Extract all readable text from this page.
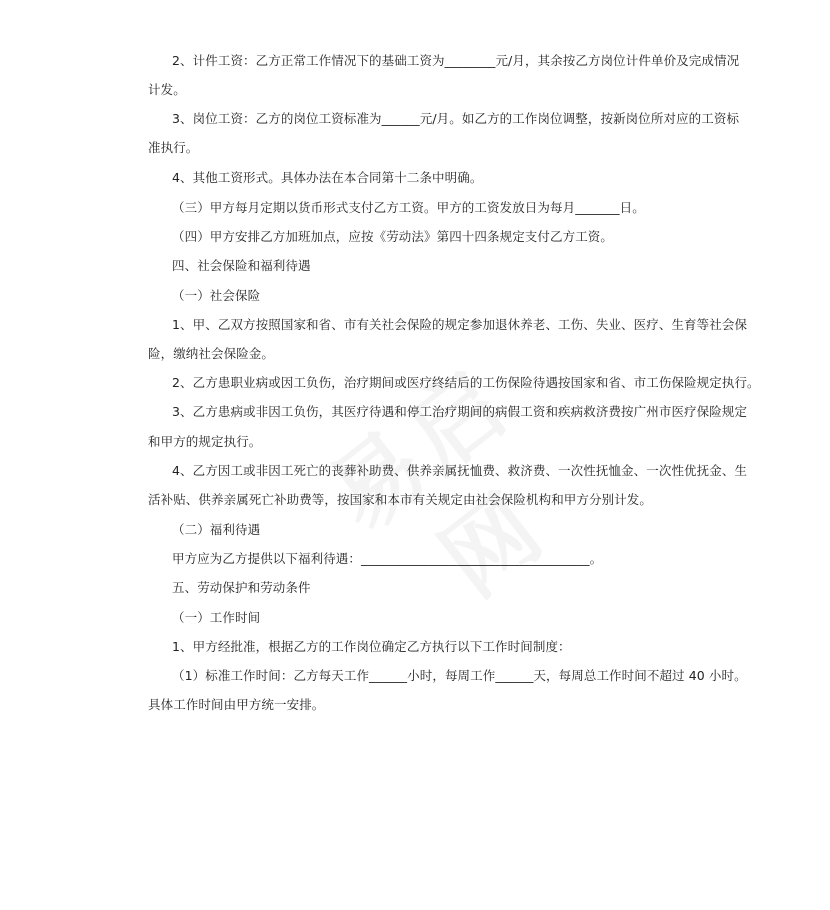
2、计件工资：乙方正常工作情况下的基础工资为________元/月，其余按乙方岗位计件单价及完成情况
计发。
3、岗位工资：乙方的岗位工资标准为______元/月。如乙方的工作岗位调整，按新岗位所对应的工资标
准执行。
4、其他工资形式。具体办法在本合同第十二条中明确。
（三）甲方每月定期以货币形式支付乙方工资。甲方的工资发放日为每月_______日。
（四）甲方安排乙方加班加点，应按《劳动法》第四十四条规定支付乙方工资。
四、社会保险和福利待遇
（一）社会保险
1、甲、乙双方按照国家和省、市有关社会保险的规定参加退休养老、工伤、失业、医疗、生育等社会保
险，缴纳社会保险金。
2、乙方患职业病或因工负伤，治疗期间或医疗终结后的工伤保险待遇按国家和省、市工伤保险规定执行。
3、乙方患病或非因工负伤，其医疗待遇和停工治疗期间的病假工资和疾病救济费按广州市医疗保险规定
和甲方的规定执行。
4、乙方因工或非因工死亡的丧葬补助费、供养亲属抚恤费、救济费、一次性抚恤金、一次性优抚金、生
活补贴、供养亲属死亡补助费等，按国家和本市有关规定由社会保险机构和甲方分别计发。
（二）福利待遇
甲方应为乙方提供以下福利待遇：____________________________________。
五、劳动保护和劳动条件
（一）工作时间
1、甲方经批准，根据乙方的工作岗位确定乙方执行以下工作时间制度：
（1）标准工作时间：乙方每天工作______小时，每周工作______天，每周总工作时间不超过 40 小时。
具体工作时间由甲方统一安排。
